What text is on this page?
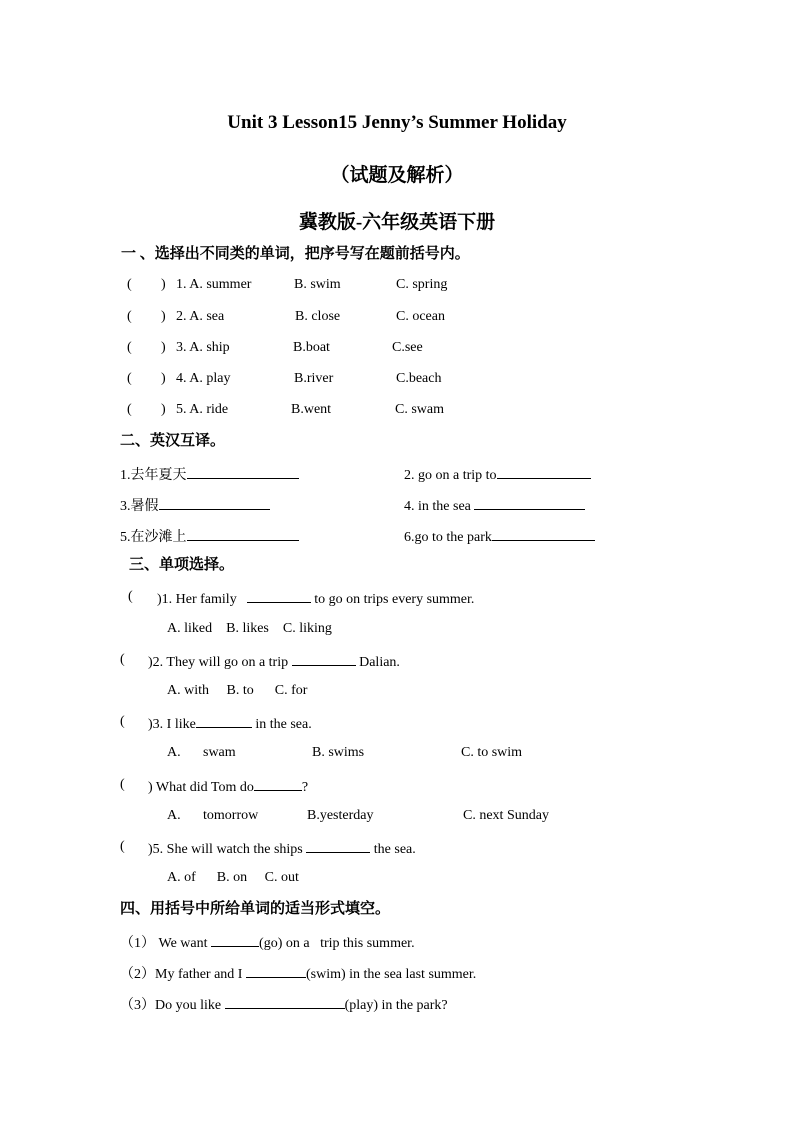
Unit 3 Lesson15 Jenny’s Summer Holiday
（试题及解析）
冀教版-六年级英语下册
一 、选择出不同类的单词，把序号写在题前括号内。
( ) 1. A. summer	B. swim	C. spring
( ) 2. A. sea	B. close	C. ocean
( ) 3. A. ship	B.boat	C.see
( ) 4. A. play	B.river	C.beach
( ) 5. A. ride	B.went	C. swam
二、英汉互译。
1.去年夏天	2. go on a trip to
3.暑假	4. in the sea
5.在沙滩上	6.go to the park
三、单项选择。
( )1. Her family	to go on trips every summer.
A. liked    B. likes    C. liking
( )2. They will go on a trip	Dalian.
A. with     B. to      C. for
( )3. I like	in the sea.
A. swam	B. swims	C. to swim
( ) What did Tom do	?
A. tomorrow	B.yesterday	C. next Sunday
( )5. She will watch the ships	the sea.
A. of      B. on     C. out
四、用括号中所给单词的适当形式填空。
（1） We want	(go) on a   trip this summer.
（2）My father and I	(swim) in the sea last summer.
（3）Do you like	(play) in the park?
